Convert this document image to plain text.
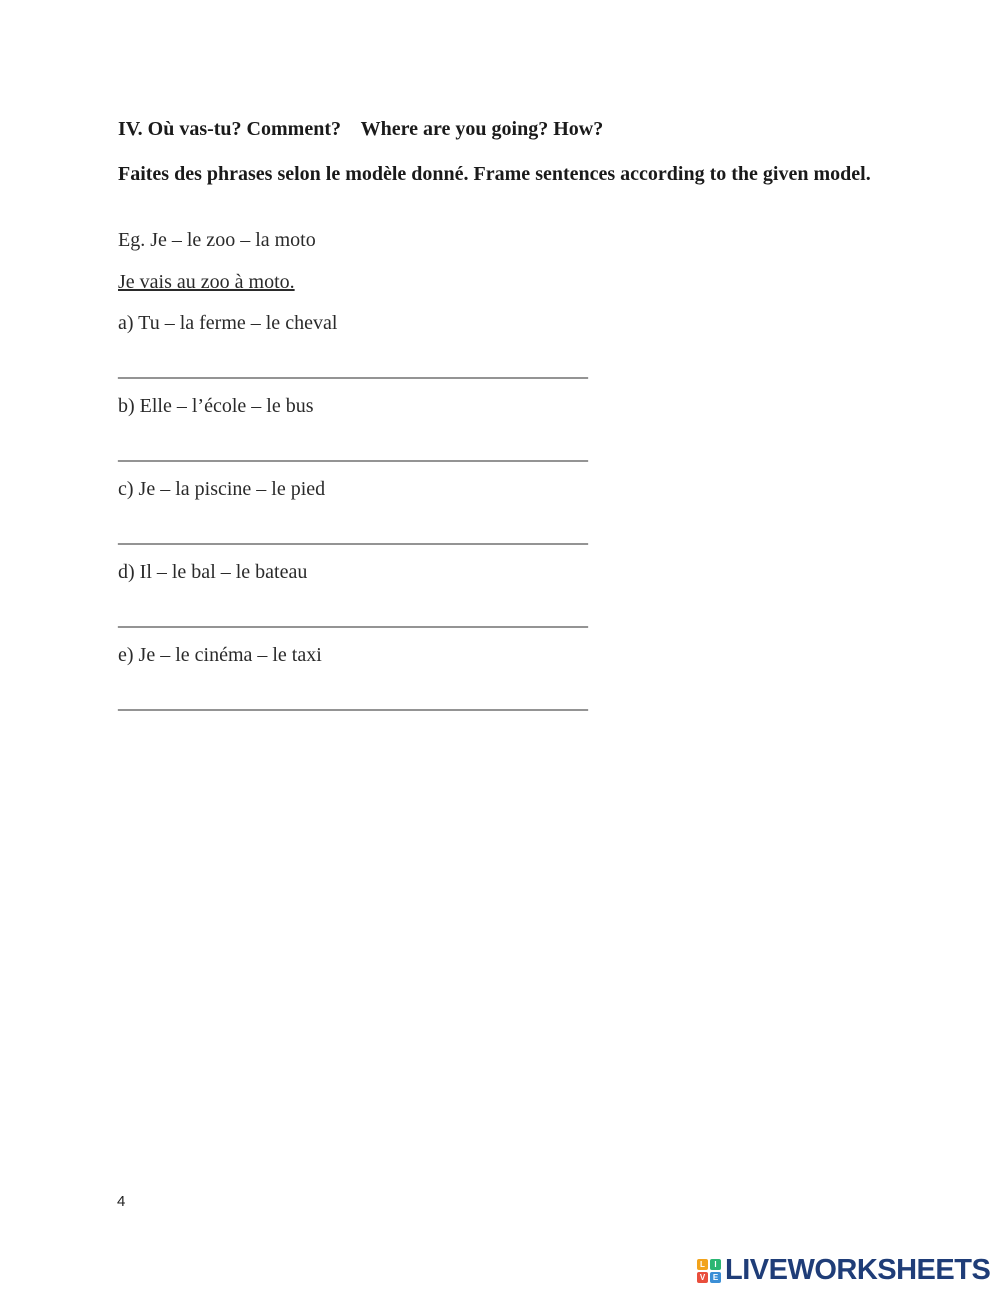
IV. Où vas-tu? Comment?    Where are you going? How?
Faites des phrases selon le modèle donné. Frame sentences according to the given model.
Eg. Je – le zoo – la moto
Je vais au zoo à moto.
a) Tu – la ferme – le cheval
_______________________________________________
b) Elle – l’école – le bus
_______________________________________________
c) Je – la piscine – le pied
_______________________________________________
d) Il – le bal – le bateau
_______________________________________________
e) Je – le cinéma – le taxi
_______________________________________________
4
L	I
V E LIVEWORKSHEETS
